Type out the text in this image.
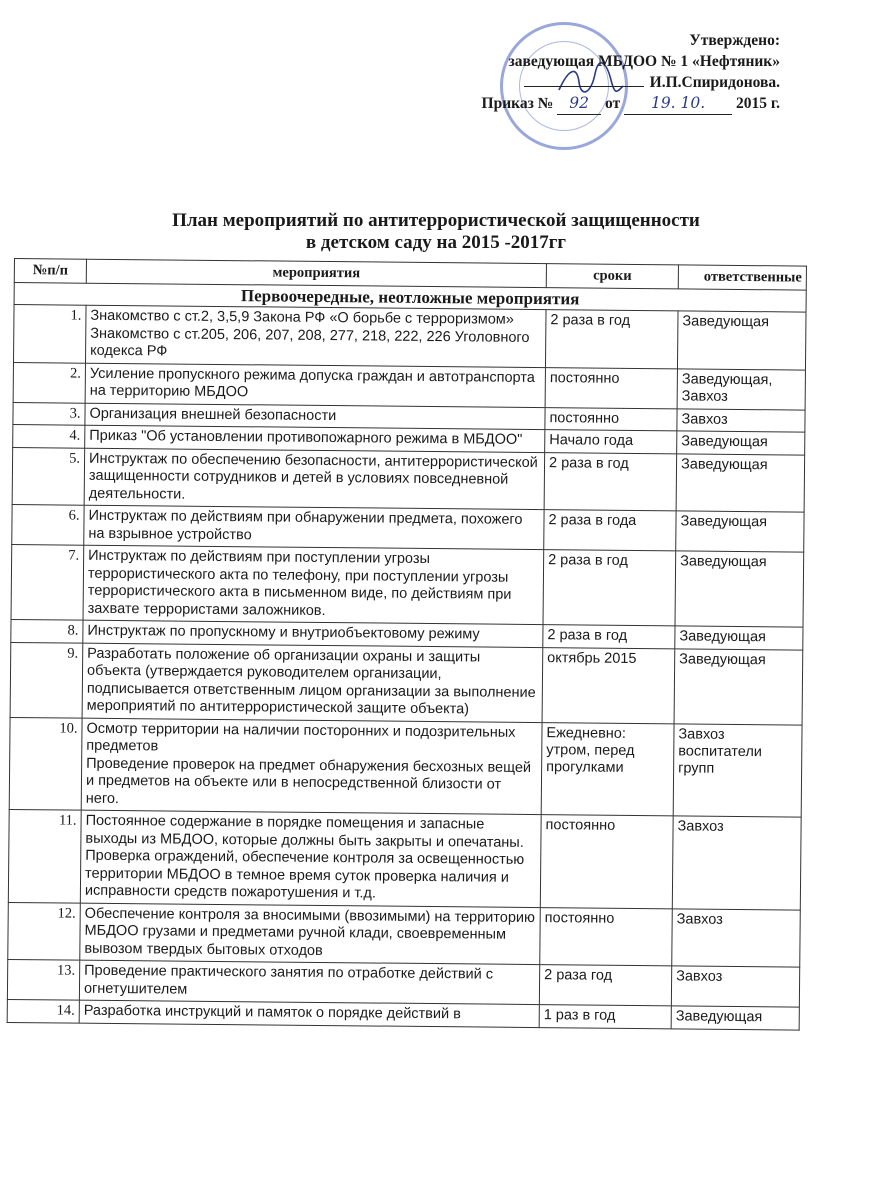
Утверждено:
заведующая МБДОО № 1 «Нефтяник»
И.П.Спиридонова.
Приказ № 92 от 19. 10. 2015 г.
План мероприятий по антитеррористической защищенности
в детском саду на 2015 -2017гг
№п/п	мероприятия	сроки	ответственные
Первоочередные, неотложные мероприятия			
1.	Знакомство с ст.2, 3,5,9 Закона РФ «О борьбе с терроризмом»
Знакомство с ст.205, 206, 207, 208, 277, 218, 222, 226 Уголовного кодекса РФ	2 раза в год	Заведующая

2.	Усиление пропускного режима допуска граждан и автотранспорта на территорию МБДОО	постоянно	Заведующая,
Завхоз

3.	Организация внешней безопасности	постоянно	Завхоз

4.	Приказ "Об установлении противопожарного режима в МБДОО"	Начало года	Заведующая

5.	Инструктаж по обеспечению безопасности, антитеррористической защищенности сотрудников и детей в условиях повседневной деятельности.	2 раза в год	Заведующая

6.	Инструктаж по действиям при обнаружении предмета, похожего на взрывное устройство	2 раза в года	Заведующая

7.	Инструктаж по действиям при поступлении угрозы террористического акта по телефону, при поступлении угрозы террористического акта в письменном виде, по действиям при захвате террористами заложников.	2 раза в год	Заведующая

8.	Инструктаж по пропускному и внутриобъектовому режиму	2 раза в год	Заведующая

9.	Разработать положение об организации охраны и защиты объекта (утверждается руководителем организации, подписывается ответственным лицом организации за выполнение мероприятий по антитеррористической защите объекта)	октябрь 2015	Заведующая

10.	Осмотр территории на наличии посторонних и подозрительных предметов
Проведение проверок на предмет обнаружения бесхозных вещей и предметов на объекте или в непосредственной близости от него.	Ежедневно:
утром, перед
прогулками	Завхоз
воспитатели
групп

11.	Постоянное содержание в порядке помещения и запасные выходы из МБДОО, которые должны быть закрыты и опечатаны. Проверка ограждений, обеспечение контроля за освещенностью территории МБДОО в темное время суток проверка наличия и исправности средств пожаротушения и т.д.	постоянно	Завхоз

12.	Обеспечение контроля за вносимыми (ввозимыми) на территорию МБДОО грузами и предметами ручной клади, своевременным вывозом твердых бытовых отходов	постоянно	Завхоз

13.	Проведение практического занятия по отработке действий с огнетушителем	2 раза год	Завхоз

14.	Разработка инструкций и памяток о порядке действий в	1 раз в год	Заведующая
